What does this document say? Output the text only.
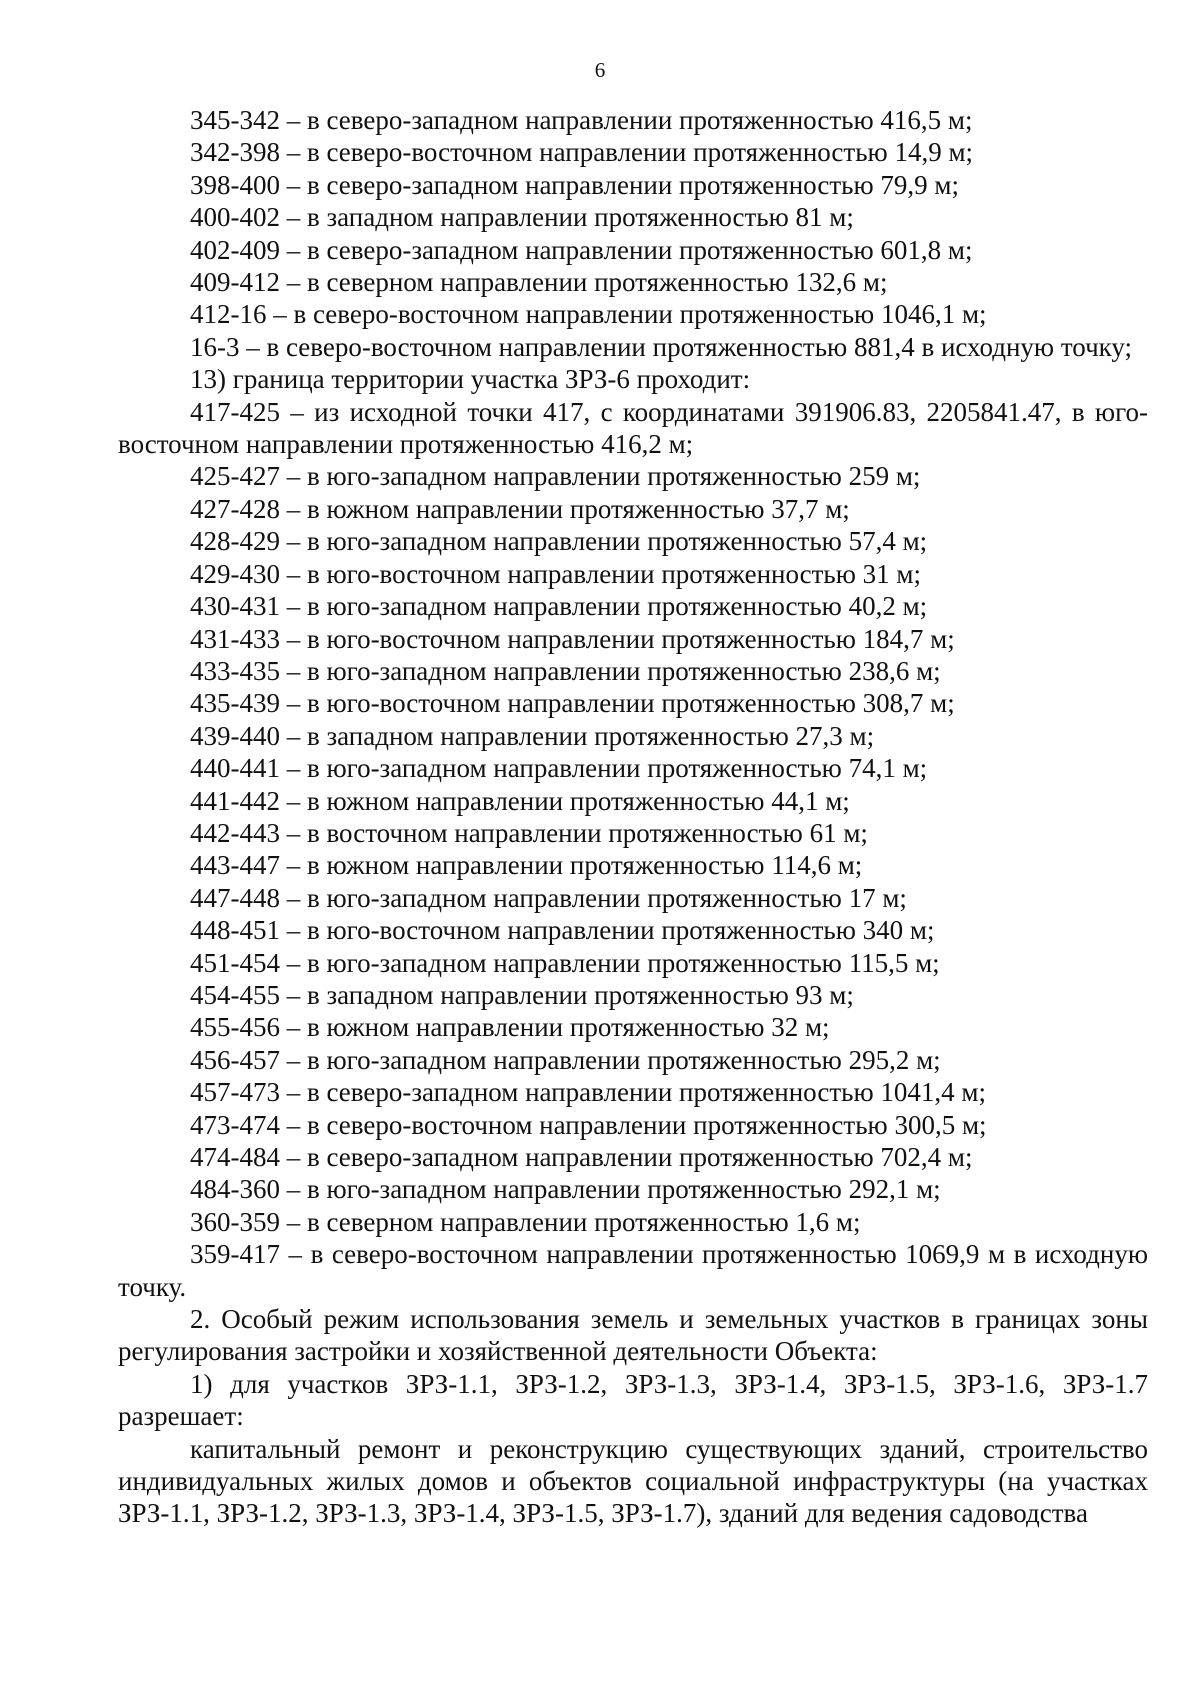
6

345-342 – в северо-западном направлении протяженностью 416,5 м;

342-398 – в северо-восточном направлении протяженностью 14,9 м;

398-400 – в северо-западном направлении протяженностью 79,9 м;

400-402 – в западном направлении протяженностью 81 м;

402-409 – в северо-западном направлении протяженностью 601,8 м;

409-412 – в северном направлении протяженностью 132,6 м;

412-16 – в северо-восточном направлении протяженностью 1046,1 м;

16-3 – в северо-восточном направлении протяженностью 881,4 в исходную точку;

13) граница территории участка ЗРЗ-6 проходит:

417-425 – из исходной точки 417, с координатами 391906.83, 2205841.47, в юго-восточном направлении протяженностью 416,2 м;

425-427 – в юго-западном направлении протяженностью 259 м;

427-428 – в южном направлении протяженностью 37,7 м;

428-429 – в юго-западном направлении протяженностью 57,4 м;

429-430 – в юго-восточном направлении протяженностью 31 м;

430-431 – в юго-западном направлении протяженностью 40,2 м;

431-433 – в юго-восточном направлении протяженностью 184,7 м;

433-435 – в юго-западном направлении протяженностью 238,6 м;

435-439 – в юго-восточном направлении протяженностью 308,7 м;

439-440 – в западном направлении протяженностью 27,3 м;

440-441 – в юго-западном направлении протяженностью 74,1 м;

441-442 – в южном направлении протяженностью 44,1 м;

442-443 – в восточном направлении протяженностью 61 м;

443-447 – в южном направлении протяженностью 114,6 м;

447-448 – в юго-западном направлении протяженностью 17 м;

448-451 – в юго-восточном направлении протяженностью 340 м;

451-454 – в юго-западном направлении протяженностью 115,5 м;

454-455 – в западном направлении протяженностью 93 м;

455-456 – в южном направлении протяженностью 32 м;

456-457 – в юго-западном направлении протяженностью 295,2 м;

457-473 – в северо-западном направлении протяженностью 1041,4 м;

473-474 – в северо-восточном направлении протяженностью 300,5 м;

474-484 – в северо-западном направлении протяженностью 702,4 м;

484-360 – в юго-западном направлении протяженностью 292,1 м;

360-359 – в северном направлении протяженностью 1,6 м;

359-417 – в северо-восточном направлении протяженностью 1069,9 м в исходную точку.

2. Особый режим использования земель и земельных участков в границах зоны регулирования застройки и хозяйственной деятельности Объекта:

1) для участков ЗРЗ-1.1, ЗРЗ-1.2, ЗРЗ-1.3, ЗРЗ-1.4, ЗРЗ-1.5, ЗРЗ-1.6, ЗРЗ-1.7 разрешает:

капитальный ремонт и реконструкцию существующих зданий, строительство индивидуальных жилых домов и объектов социальной инфраструктуры (на участках ЗРЗ-1.1, ЗРЗ-1.2, ЗРЗ-1.3, ЗРЗ-1.4, ЗРЗ-1.5, ЗРЗ-1.7), зданий для ведения садоводства
